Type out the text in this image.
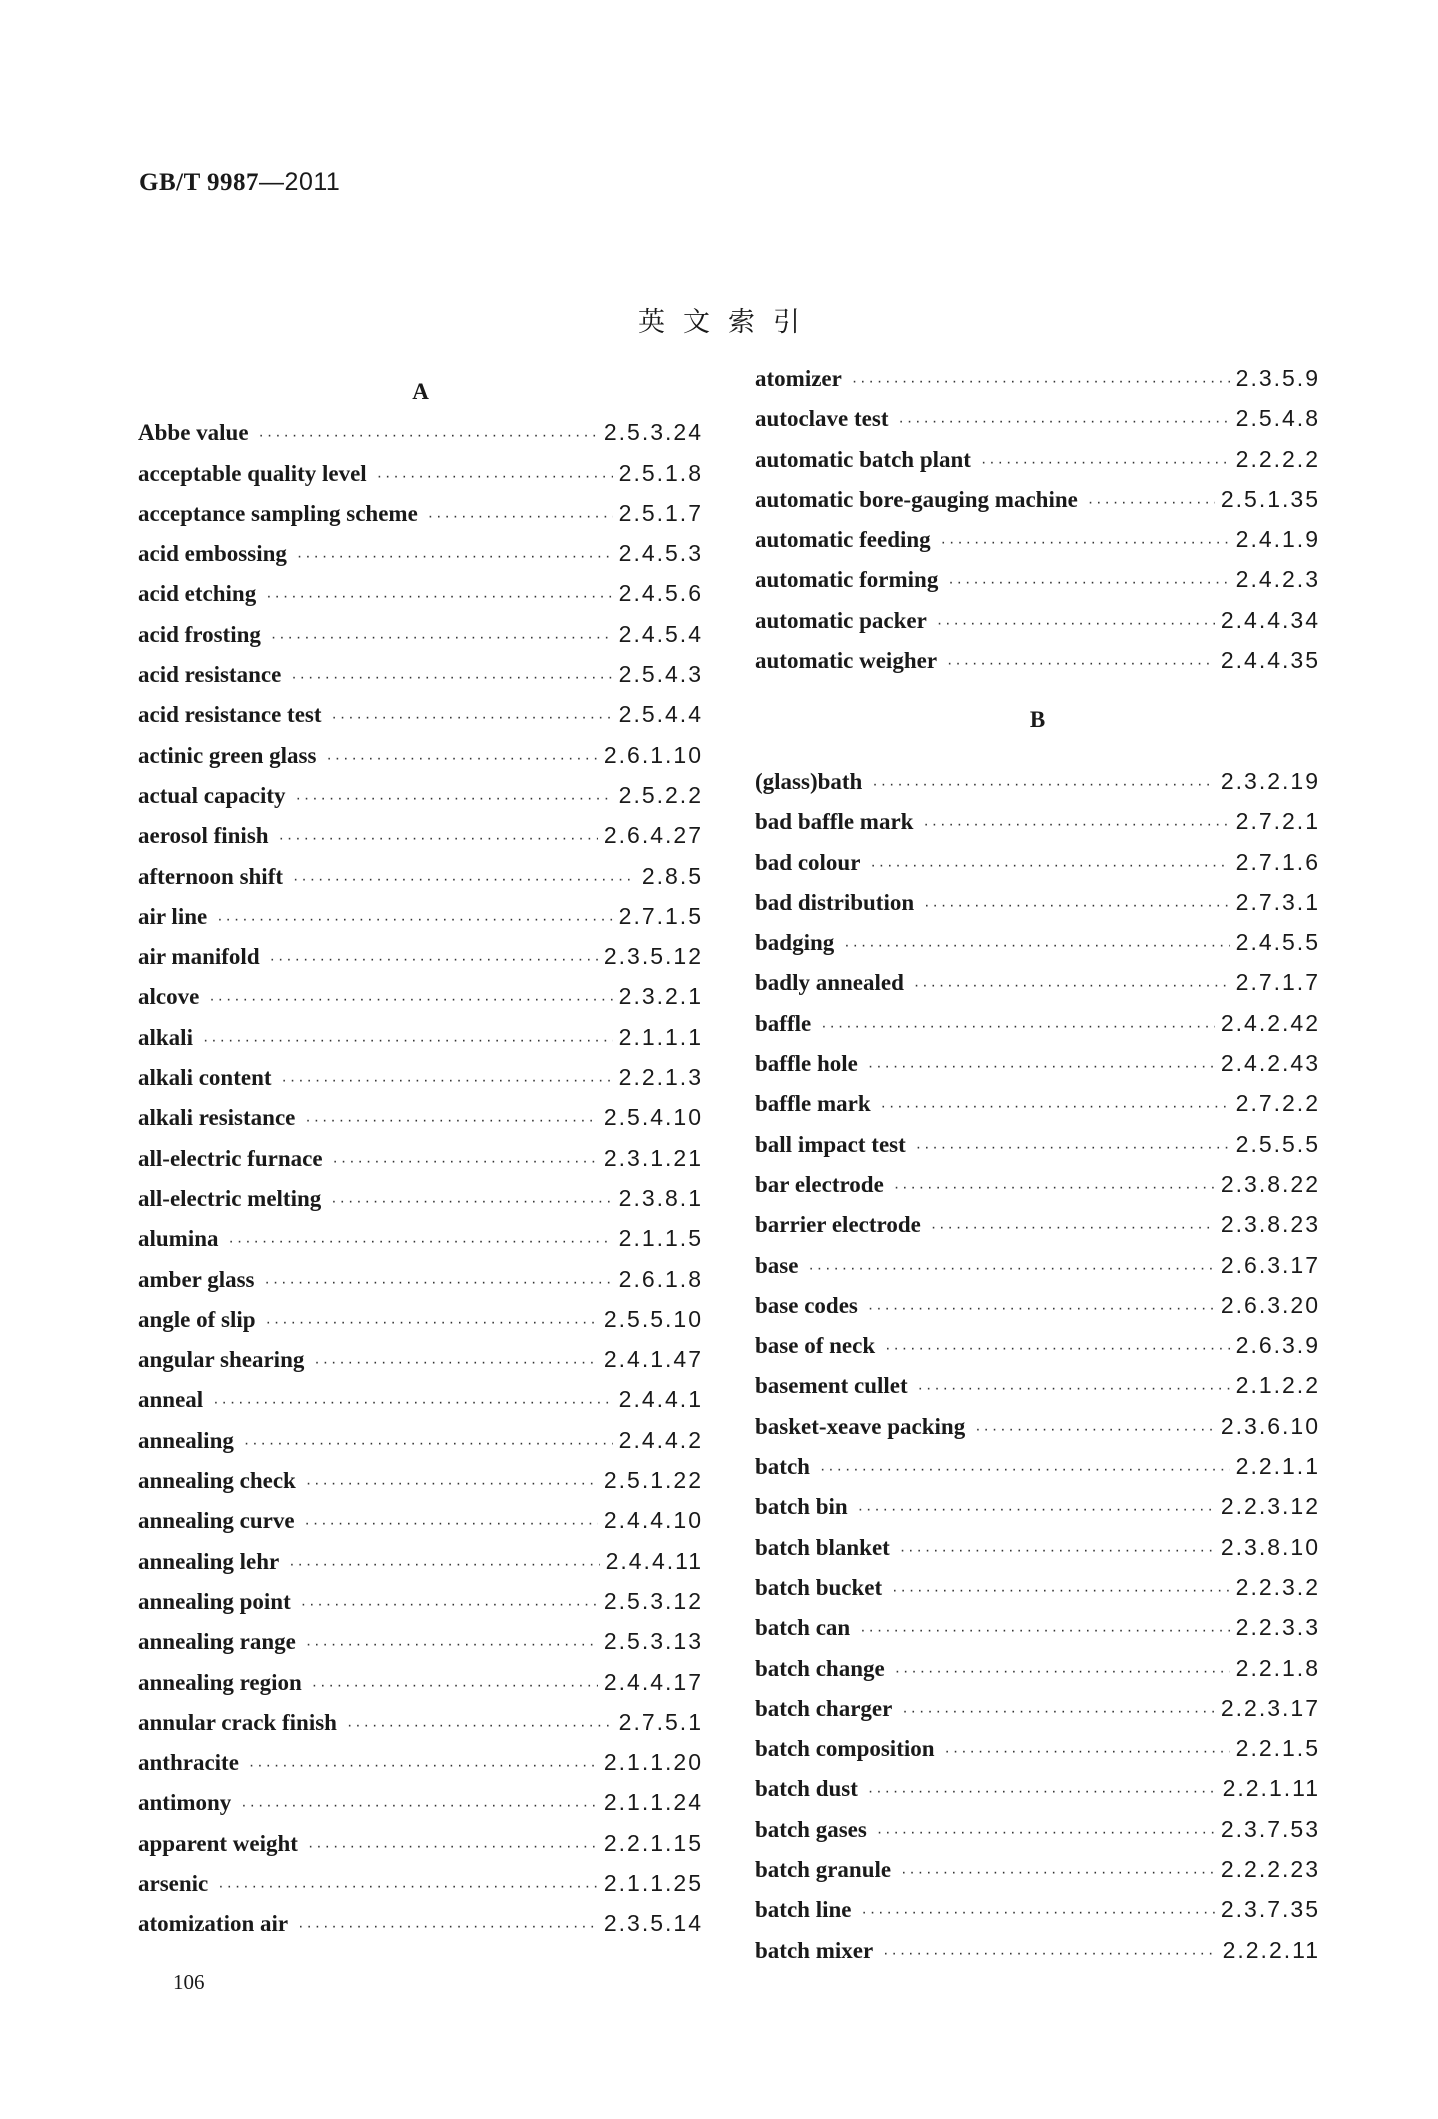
GB/T 9987—2011
英文索引
A
Abbe value ·····	2.5.3.24
acceptable quality level ·····	2.5.1.8
acceptance sampling scheme ·····	2.5.1.7
acid embossing ·····	2.4.5.3
acid etching ·····	2.4.5.6
acid frosting ·····	2.4.5.4
acid resistance ·····	2.5.4.3
acid resistance test ·····	2.5.4.4
actinic green glass ·····	2.6.1.10
actual capacity ·····	2.5.2.2
aerosol finish ·····	2.6.4.27
afternoon shift ·····	2.8.5
air line ·····	2.7.1.5
air manifold ·····	2.3.5.12
alcove ·····	2.3.2.1
alkali ·····	2.1.1.1
alkali content ·····	2.2.1.3
alkali resistance ·····	2.5.4.10
all-electric furnace ·····	2.3.1.21
all-electric melting ·····	2.3.8.1
alumina ·····	2.1.1.5
amber glass ·····	2.6.1.8
angle of slip ·····	2.5.5.10
angular shearing ·····	2.4.1.47
anneal ·····	2.4.4.1
annealing ·····	2.4.4.2
annealing check ·····	2.5.1.22
annealing curve ·····	2.4.4.10
annealing lehr ·····	2.4.4.11
annealing point ·····	2.5.3.12
annealing range ·····	2.5.3.13
annealing region ·····	2.4.4.17
annular crack finish ·····	2.7.5.1
anthracite ·····	2.1.1.20
antimony ·····	2.1.1.24
apparent weight ·····	2.2.1.15
arsenic ·····	2.1.1.25
atomization air ·····	2.3.5.14
atomizer ·····	2.3.5.9
autoclave test ·····	2.5.4.8
automatic batch plant ·····	2.2.2.2
automatic bore-gauging machine ·····	2.5.1.35
automatic feeding ·····	2.4.1.9
automatic forming ·····	2.4.2.3
automatic packer ·····	2.4.4.34
automatic weigher ·····	2.4.4.35
B
(glass)bath ·····	2.3.2.19
bad baffle mark ·····	2.7.2.1
bad colour ·····	2.7.1.6
bad distribution ·····	2.7.3.1
badging ·····	2.4.5.5
badly annealed ·····	2.7.1.7
baffle ·····	2.4.2.42
baffle hole ·····	2.4.2.43
baffle mark ·····	2.7.2.2
ball impact test ·····	2.5.5.5
bar electrode ·····	2.3.8.22
barrier electrode ·····	2.3.8.23
base ·····	2.6.3.17
base codes ·····	2.6.3.20
base of neck ·····	2.6.3.9
basement cullet ·····	2.1.2.2
basket-xeave packing ·····	2.3.6.10
batch ·····	2.2.1.1
batch bin ·····	2.2.3.12
batch blanket ·····	2.3.8.10
batch bucket ·····	2.2.3.2
batch can ·····	2.2.3.3
batch change ·····	2.2.1.8
batch charger ·····	2.2.3.17
batch composition ·····	2.2.1.5
batch dust ·····	2.2.1.11
batch gases ·····	2.3.7.53
batch granule ·····	2.2.2.23
batch line ·····	2.3.7.35
batch mixer ·····	2.2.2.11
106
